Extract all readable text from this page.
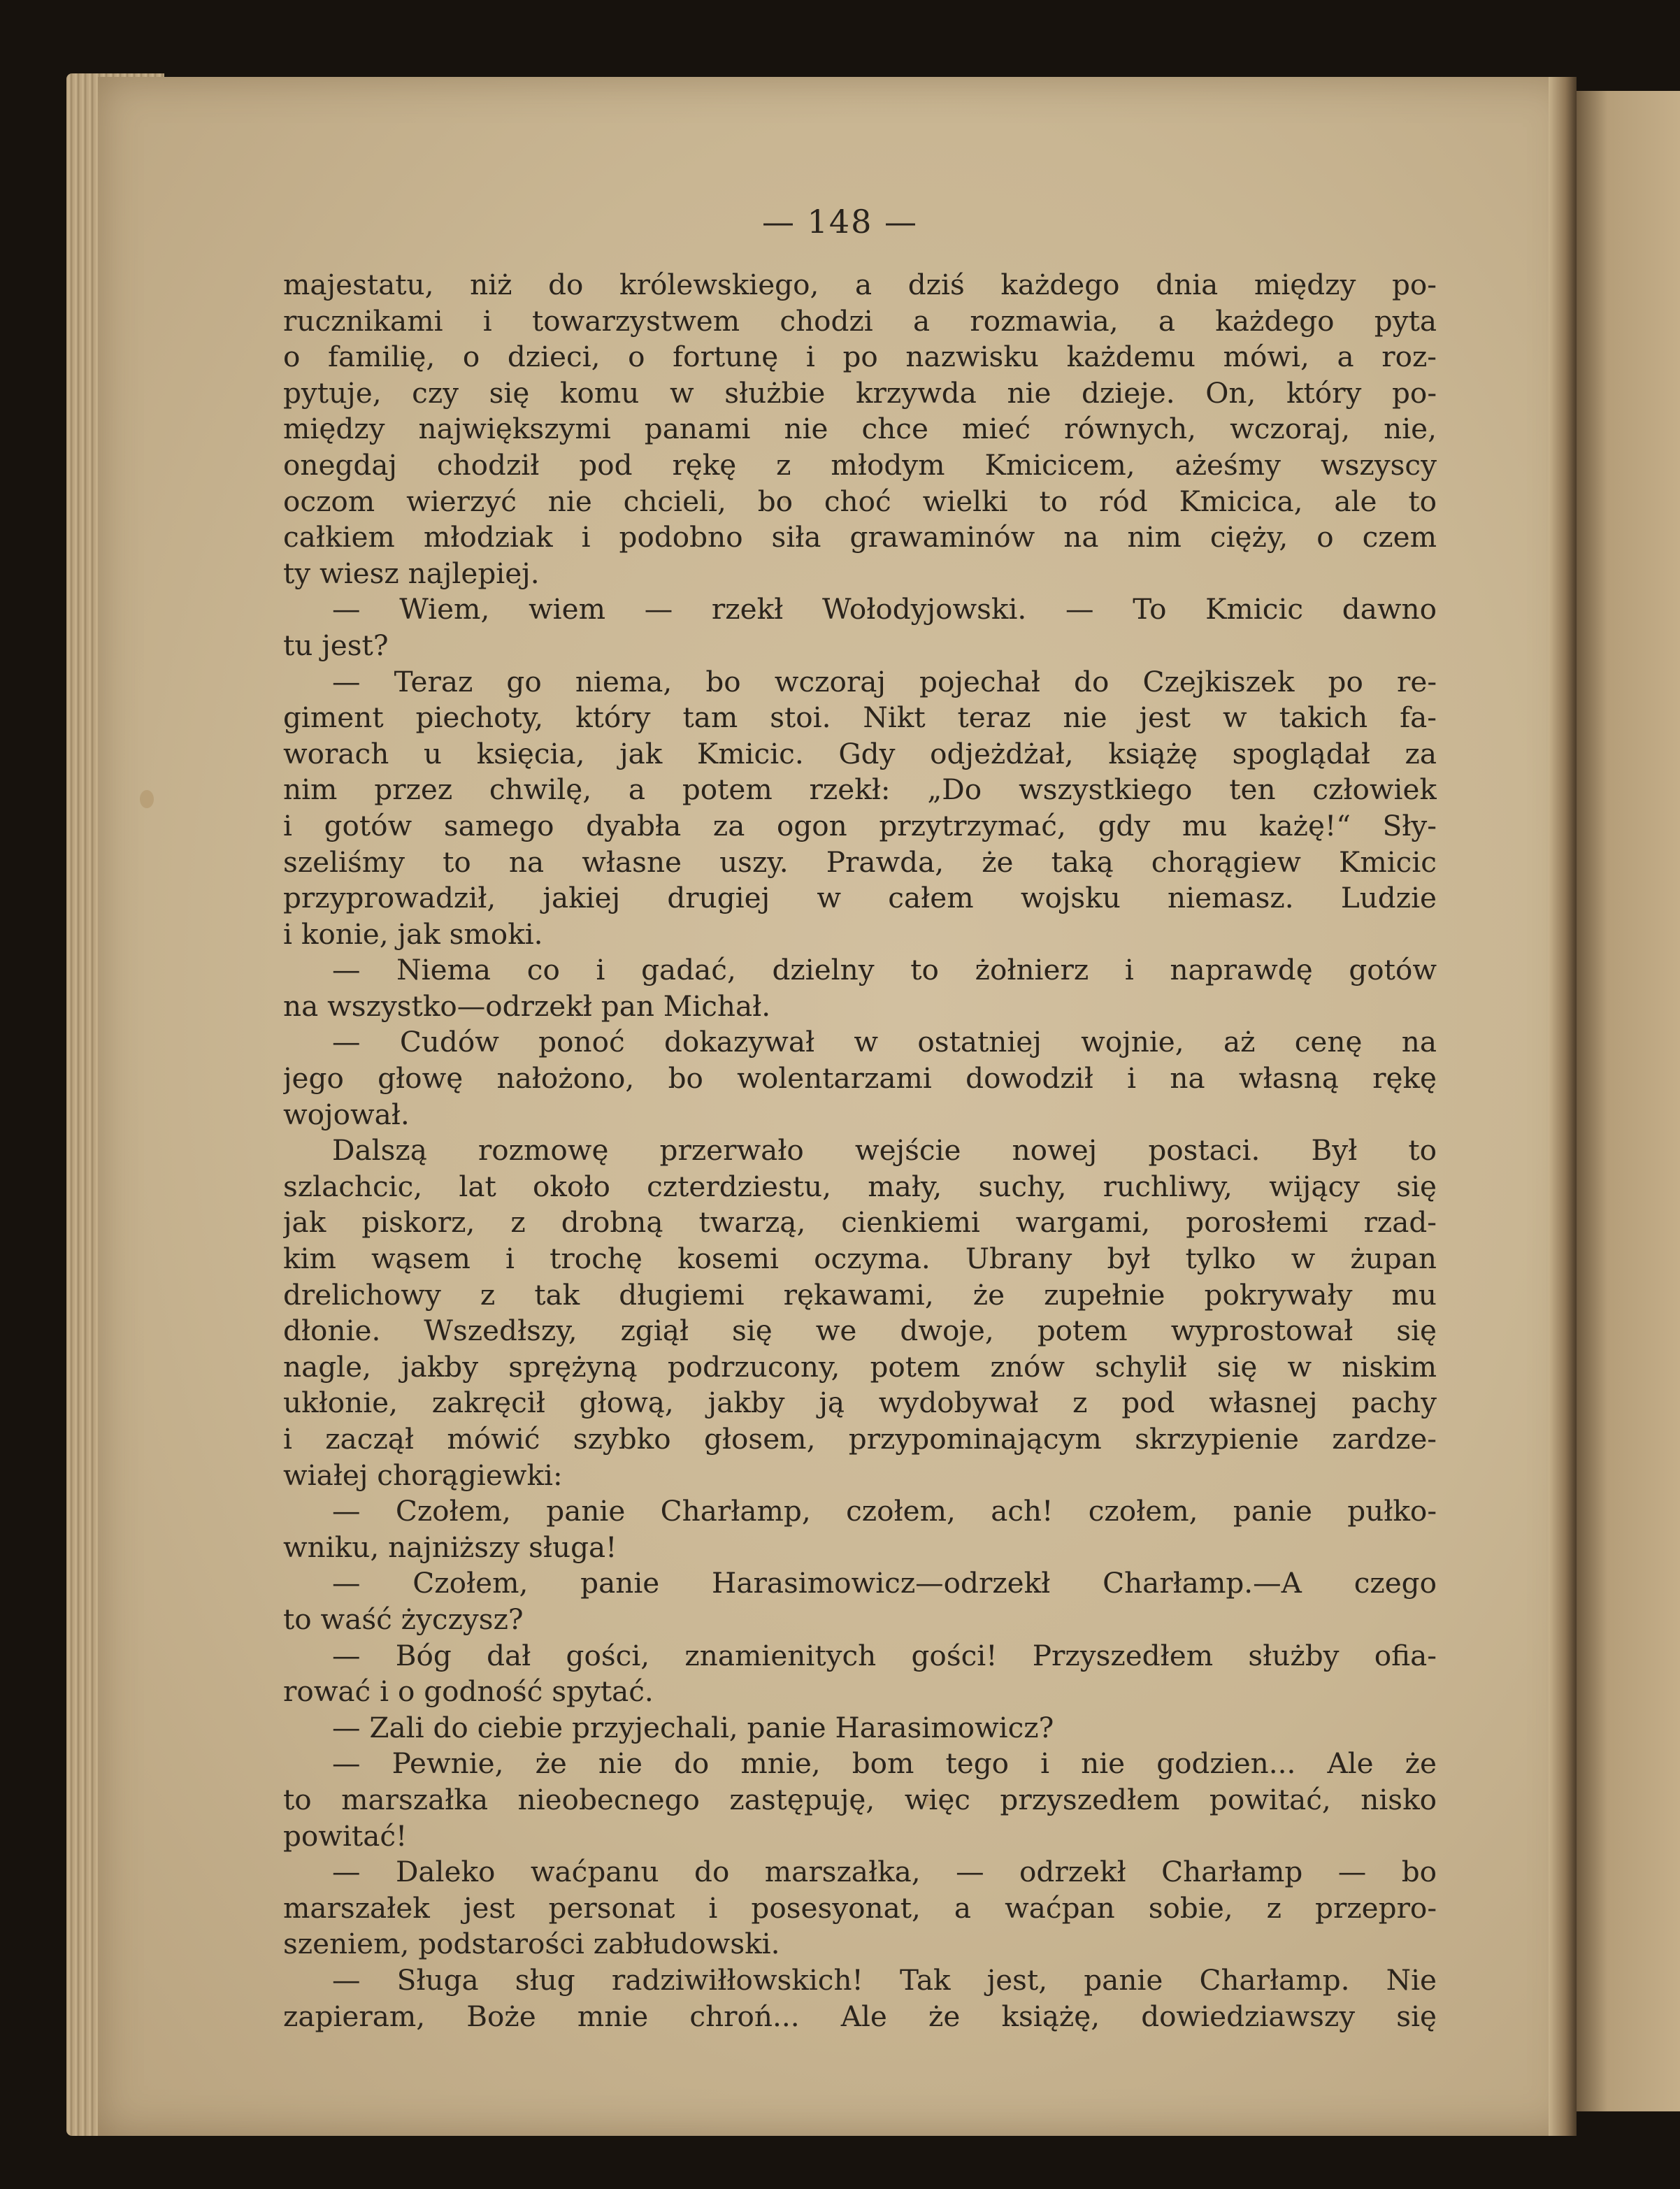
— 148 —
majestatu, niż do królewskiego, a dziś każdego dnia między po-
rucznikami i towarzystwem chodzi a rozmawia, a każdego pyta
o familię, o dzieci, o fortunę i po nazwisku każdemu mówi, a roz-
pytuje, czy się komu w służbie krzywda nie dzieje. On, który po-
między największymi panami nie chce mieć równych, wczoraj, nie,
onegdaj chodził pod rękę z młodym Kmicicem, ażeśmy wszyscy
oczom wierzyć nie chcieli, bo choć wielki to ród Kmicica, ale to
całkiem młodziak i podobno siła grawaminów na nim cięży, o czem
ty wiesz najlepiej.
— Wiem, wiem — rzekł Wołodyjowski. — To Kmicic dawno
tu jest?
— Teraz go niema, bo wczoraj pojechał do Czejkiszek po re-
giment piechoty, który tam stoi. Nikt teraz nie jest w takich fa-
worach u księcia, jak Kmicic. Gdy odjeżdżał, książę spoglądał za
nim przez chwilę, a potem rzekł: „Do wszystkiego ten człowiek
i gotów samego dyabła za ogon przytrzymać, gdy mu każę!“ Sły-
szeliśmy to na własne uszy. Prawda, że taką chorągiew Kmicic
przyprowadził, jakiej drugiej w całem wojsku niemasz. Ludzie
i konie, jak smoki.
— Niema co i gadać, dzielny to żołnierz i naprawdę gotów
na wszystko—odrzekł pan Michał.
— Cudów ponoć dokazywał w ostatniej wojnie, aż cenę na
jego głowę nałożono, bo wolentarzami dowodził i na własną rękę
wojował.
Dalszą rozmowę przerwało wejście nowej postaci. Był to
szlachcic, lat około czterdziestu, mały, suchy, ruchliwy, wijący się
jak piskorz, z drobną twarzą, cienkiemi wargami, porosłemi rzad-
kim wąsem i trochę kosemi oczyma. Ubrany był tylko w żupan
drelichowy z tak długiemi rękawami, że zupełnie pokrywały mu
dłonie. Wszedłszy, zgiął się we dwoje, potem wyprostował się
nagle, jakby sprężyną podrzucony, potem znów schylił się w niskim
ukłonie, zakręcił głową, jakby ją wydobywał z pod własnej pachy
i zaczął mówić szybko głosem, przypominającym skrzypienie zardze-
wiałej chorągiewki:
— Czołem, panie Charłamp, czołem, ach! czołem, panie pułko-
wniku, najniższy sługa!
— Czołem, panie Harasimowicz—odrzekł Charłamp.—A czego
to waść życzysz?
— Bóg dał gości, znamienitych gości! Przyszedłem służby ofia-
rować i o godność spytać.
— Zali do ciebie przyjechali, panie Harasimowicz?
— Pewnie, że nie do mnie, bom tego i nie godzien... Ale że
to marszałka nieobecnego zastępuję, więc przyszedłem powitać, nisko
powitać!
— Daleko waćpanu do marszałka, — odrzekł Charłamp — bo
marszałek jest personat i posesyonat, a waćpan sobie, z przepro-
szeniem, podstarości zabłudowski.
— Sługa sług radziwiłłowskich! Tak jest, panie Charłamp. Nie
zapieram, Boże mnie chroń... Ale że książę, dowiedziawszy się
